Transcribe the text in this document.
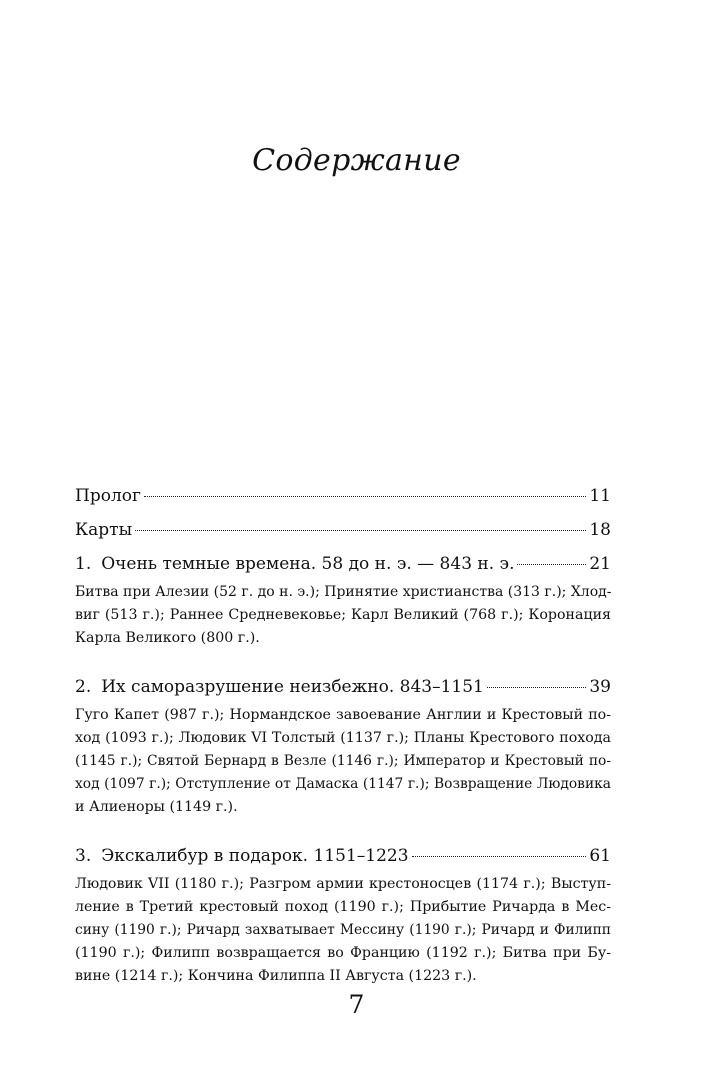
Содержание
Пролог	11
Карты	18
1. Очень темные времена. 58 до н. э. — 843 н. э.	21
Битва при Алезии (52 г. до н. э.); Принятие христианства (313 г.); Хлод-
виг (513 г.); Раннее Средневековье; Карл Великий (768 г.); Коронация
Карла Великого (800 г.).
2. Их саморазрушение неизбежно. 843–1151	39
Гуго Капет (987 г.); Нормандское завоевание Англии и Крестовый по-
ход (1093 г.); Людовик VI Толстый (1137 г.); Планы Крестового похода
(1145 г.); Святой Бернард в Везле (1146 г.); Император и Крестовый по-
ход (1097 г.); Отступление от Дамаска (1147 г.); Возвращение Людовика
и Алиеноры (1149 г.).
3. Экскалибур в подарок. 1151–1223	61
Людовик VII (1180 г.); Разгром армии крестоносцев (1174 г.); Выступ-
ление в Третий крестовый поход (1190 г.); Прибытие Ричарда в Мес-
сину (1190 г.); Ричард захватывает Мессину (1190 г.); Ричард и Филипп
(1190 г.); Филипп возвращается во Францию (1192 г.); Битва при Бу-
вине (1214 г.); Кончина Филиппа II Августа (1223 г.).
7
